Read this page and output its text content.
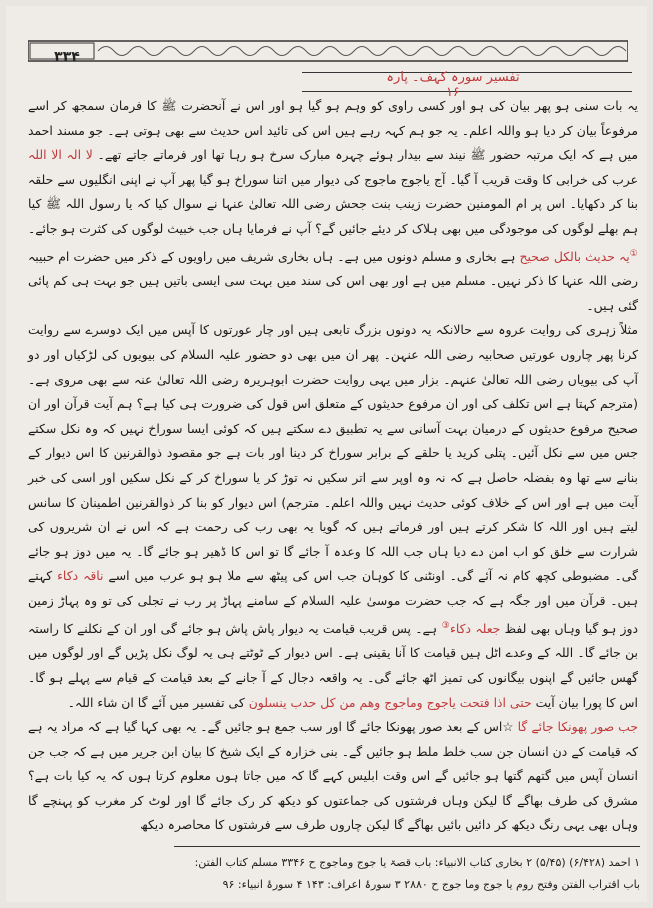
۳۳۴
تفسیر سورہ کہف۔ پارہ ۱۶

یہ بات سنی ہو پھر بیان کی ہو اور کسی راوی کو وہم ہو گیا ہو اور اس نے آنحضرت ﷺ کا فرمان سمجھ کر اسے مرفوعاً بیان کر دیا ہو واللہ اعلم۔ یہ جو ہم کہہ رہے ہیں اس کی تائید اس حدیث سے بھی ہوتی ہے۔ جو مسند احمد میں ہے کہ ایک مرتبہ حضور ﷺ نیند سے بیدار ہوئے چہرہ مبارک سرخ ہو رہا تھا اور فرماتے جاتے تھے۔ لا الہ الا اللہ عرب کی خرابی کا وقت قریب آ گیا۔ آج یاجوج ماجوج کی دیوار میں اتنا سوراخ ہو گیا پھر آپ نے اپنی انگلیوں سے حلقہ بنا کر دکھایا۔ اس پر ام المومنین حضرت زینب بنت جحش رضی اللہ تعالیٰ عنہا نے سوال کیا کہ یا رسول اللہ ﷺ کیا ہم بھلے لوگوں کی موجودگی میں بھی ہلاک کر دیئے جائیں گے؟ آپ نے فرمایا ہاں جب خبیث لوگوں کی کثرت ہو جائے۔ ①یہ حدیث بالکل صحیح ہے بخاری و مسلم دونوں میں ہے۔ ہاں بخاری شریف میں راویوں کے ذکر میں حضرت ام حبیبہ رضی اللہ عنہا کا ذکر نہیں۔ مسلم میں ہے اور بھی اس کی سند میں بہت سی ایسی باتیں ہیں جو بہت ہی کم پائی گئی ہیں۔

مثلاً زہری کی روایت عروہ سے حالانکہ یہ دونوں بزرگ تابعی ہیں اور چار عورتوں کا آپس میں ایک دوسرے سے روایت کرنا پھر چاروں عورتیں صحابیہ رضی اللہ عنہن۔ پھر ان میں بھی دو حضور علیہ السلام کی بیویوں کی لڑکیاں اور دو آپ کی بیویاں رضی اللہ تعالیٰ عنہم۔ بزار میں یہی روایت حضرت ابوہریرہ رضی اللہ تعالیٰ عنہ سے بھی مروی ہے۔ (مترجم کہتا ہے اس تکلف کی اور ان مرفوع حدیثوں کے متعلق اس قول کی ضرورت ہی کیا ہے؟ ہم آیت قرآن اور ان صحیح مرفوع حدیثوں کے درمیان بہت آسانی سے یہ تطبیق دے سکتے ہیں کہ کوئی ایسا سوراخ نہیں کہ وہ نکل سکتے جس میں سے نکل آئیں۔ پتلی کرید یا حلقے کے برابر سوراخ کر دینا اور بات ہے جو مقصود ذوالقرنین کا اس دیوار کے بنانے سے تھا وہ بفضلہ حاصل ہے کہ نہ وہ اوپر سے اتر سکیں نہ توڑ کر یا سوراخ کر کے نکل سکیں اور اسی کی خبر آیت میں ہے اور اس کے خلاف کوئی حدیث نہیں واللہ اعلم۔ مترجم) اس دیوار کو بنا کر ذوالقرنین اطمینان کا سانس لیتے ہیں اور اللہ کا شکر کرتے ہیں اور فرماتے ہیں کہ گویا یہ بھی رب کی رحمت ہے کہ اس نے ان شریروں کی شرارت سے خلق کو اب امن دے دیا ہاں جب اللہ کا وعدہ آ جائے گا تو اس کا ڈھیر ہو جائے گا۔ یہ میں دوز ہو جائے گی۔ مضبوطی کچھ کام نہ آئے گی۔ اونٹنی کا کوہان جب اس کی پیٹھ سے ملا ہو ہو عرب میں اسے ناقہ دکاء کہتے ہیں۔ قرآن میں اور جگہ ہے کہ جب حضرت موسیٰ علیہ السلام کے سامنے پہاڑ پر رب نے تجلی کی تو وہ پہاڑ زمین دوز ہو گیا وہاں بھی لفظ جعلہ دکاء③ ہے۔ پس قریب قیامت یہ دیوار پاش پاش ہو جائے گی اور ان کے نکلنے کا راستہ بن جائے گا۔ اللہ کے وعدے اٹل ہیں قیامت کا آنا یقینی ہے۔ اس دیوار کے ٹوٹتے ہی یہ لوگ نکل پڑیں گے اور لوگوں میں گھس جائیں گے اپنوں بیگانوں کی تمیز اٹھ جائے گی۔ یہ واقعہ دجال کے آ جانے کے بعد قیامت کے قیام سے پہلے ہو گا۔ اس کا پورا بیان آیت حتی اذا فتحت یاجوج وماجوج وھم من کل حدب ینسلون کی تفسیر میں آئے گا ان شاء اللہ۔

جب صور پھونکا جائے گا ☆اس کے بعد صور پھونکا جائے گا اور سب جمع ہو جائیں گے۔ یہ بھی کہا گیا ہے کہ مراد یہ ہے کہ قیامت کے دن انسان جن سب خلط ملط ہو جائیں گے۔ بنی خزارہ کے ایک شیخ کا بیان ابن جریر میں ہے کہ جب جن انسان آپس میں گتھم گتھا ہو جائیں گے اس وقت ابلیس کہے گا کہ میں جاتا ہوں معلوم کرتا ہوں کہ یہ کیا بات ہے؟ مشرق کی طرف بھاگے گا لیکن وہاں فرشتوں کی جماعتوں کو دیکھ کر رک جائے گا اور لوٹ کر مغرب کو پہنچے گا وہاں بھی یہی رنگ دیکھ کر دائیں بائیں بھاگے گا لیکن چاروں طرف سے فرشتوں کا محاصرہ دیکھ

۱ احمد (۶/۴۲۸) (۵/۴۵) ۲ بخاری کتاب الانبیاء: باب قصۃ یا جوج وماجوج ح ۳۳۴۶ مسلم کتاب الفتن:

باب اقتراب الفتن وفتح روم یا جوج وما جوج ح ۲۸۸۰ ۳ سورۂ اعراف: ۱۴۳ ۴ سورۂ انبیاء: ۹۶
